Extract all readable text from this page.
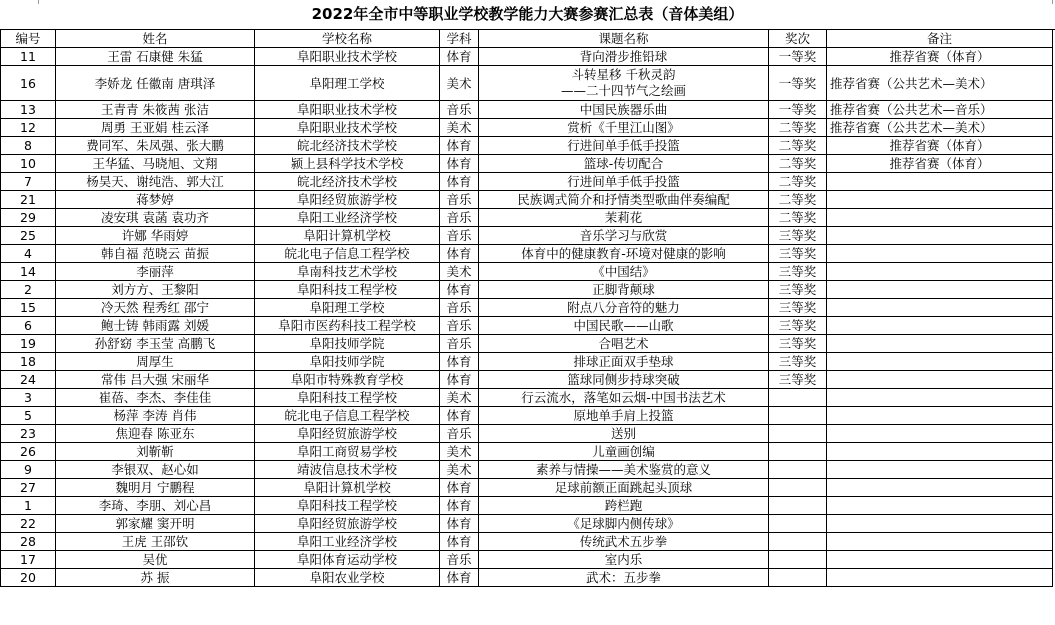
2022年全市中等职业学校教学能力大赛参赛汇总表（音体美组）
编号	姓名	学校名称	学科	课题名称	奖次	备注
11	王雷 石康健 朱猛	阜阳职业技术学校	体育	背向滑步推铅球	一等奖	推荐省赛（体育）
16	李娇龙 任徽南 唐琪泽	阜阳理工学校	美术	斗转星移 千秋灵韵
——二十四节气之绘画	一等奖	推荐省赛（公共艺术—美术）
13	王青青 朱筱茜 张洁	阜阳职业技术学校	音乐	中国民族器乐曲	一等奖	推荐省赛（公共艺术—音乐）
12	周勇 王亚娟 桂云泽	阜阳职业技术学校	美术	赏析《千里江山图》	二等奖	推荐省赛（公共艺术—美术）
8	费同军、朱凤强、张大鹏	皖北经济技术学校	体育	行进间单手低手投篮	二等奖	推荐省赛（体育）
10	王华猛、马晓旭、文翔	颍上县科学技术学校	体育	篮球-传切配合	二等奖	推荐省赛（体育）
7	杨昊天、谢纯浩、郭大江	皖北经济技术学校	体育	行进间单手低手投篮	二等奖	
21	蒋梦婷	阜阳经贸旅游学校	音乐	民族调式简介和抒情类型歌曲伴奏编配	二等奖	
29	凌安琪 袁菡 袁功齐	阜阳工业经济学校	音乐	茉莉花	二等奖	
25	许娜 华雨婷	阜阳计算机学校	音乐	音乐学习与欣赏	三等奖	
4	韩自福 范晓云 苗振	皖北电子信息工程学校	体育	体育中的健康教育-环境对健康的影响	三等奖	
14	李丽萍	阜南科技艺术学校	美术	《中国结》	三等奖	
2	刘方方、王黎阳	阜阳科技工程学校	体育	正脚背颠球	三等奖	
15	冷天然 程秀红 邵宁	阜阳理工学校	音乐	附点八分音符的魅力	三等奖	
6	鲍士铸 韩雨露 刘媛	阜阳市医药科技工程学校	音乐	中国民歌——山歌	三等奖	
19	孙舒窈 李玉莹 高鹏飞	阜阳技师学院	音乐	合唱艺术	三等奖	
18	周厚生	阜阳技师学院	体育	排球正面双手垫球	三等奖	
24	常伟 吕大强 宋丽华	阜阳市特殊教育学校	体育	篮球同侧步持球突破	三等奖	
3	崔蓓、李杰、李佳佳	阜阳科技工程学校	美术	行云流水，落笔如云烟-中国书法艺术		
5	杨萍 李涛 肖伟	皖北电子信息工程学校	体育	原地单手肩上投篮		
23	焦迎春 陈亚东	阜阳经贸旅游学校	音乐	送别		
26	刘靳靳	阜阳工商贸易学校	美术	儿童画创编		
9	李银双、赵心如	靖波信息技术学校	美术	素养与情操——美术鉴赏的意义		
27	魏明月 宁鹏程	阜阳计算机学校	体育	足球前额正面跳起头顶球		
1	李琦、李朋、刘心昌	阜阳科技工程学校	体育	跨栏跑		
22	郭家耀 窦开明	阜阳经贸旅游学校	体育	《足球脚内侧传球》		
28	王虎 王邵钦	阜阳工业经济学校	体育	传统武术五步拳		
17	吴优	阜阳体育运动学校	音乐	室内乐		
20	苏 振	阜阳农业学校	体育	武术：五步拳		
